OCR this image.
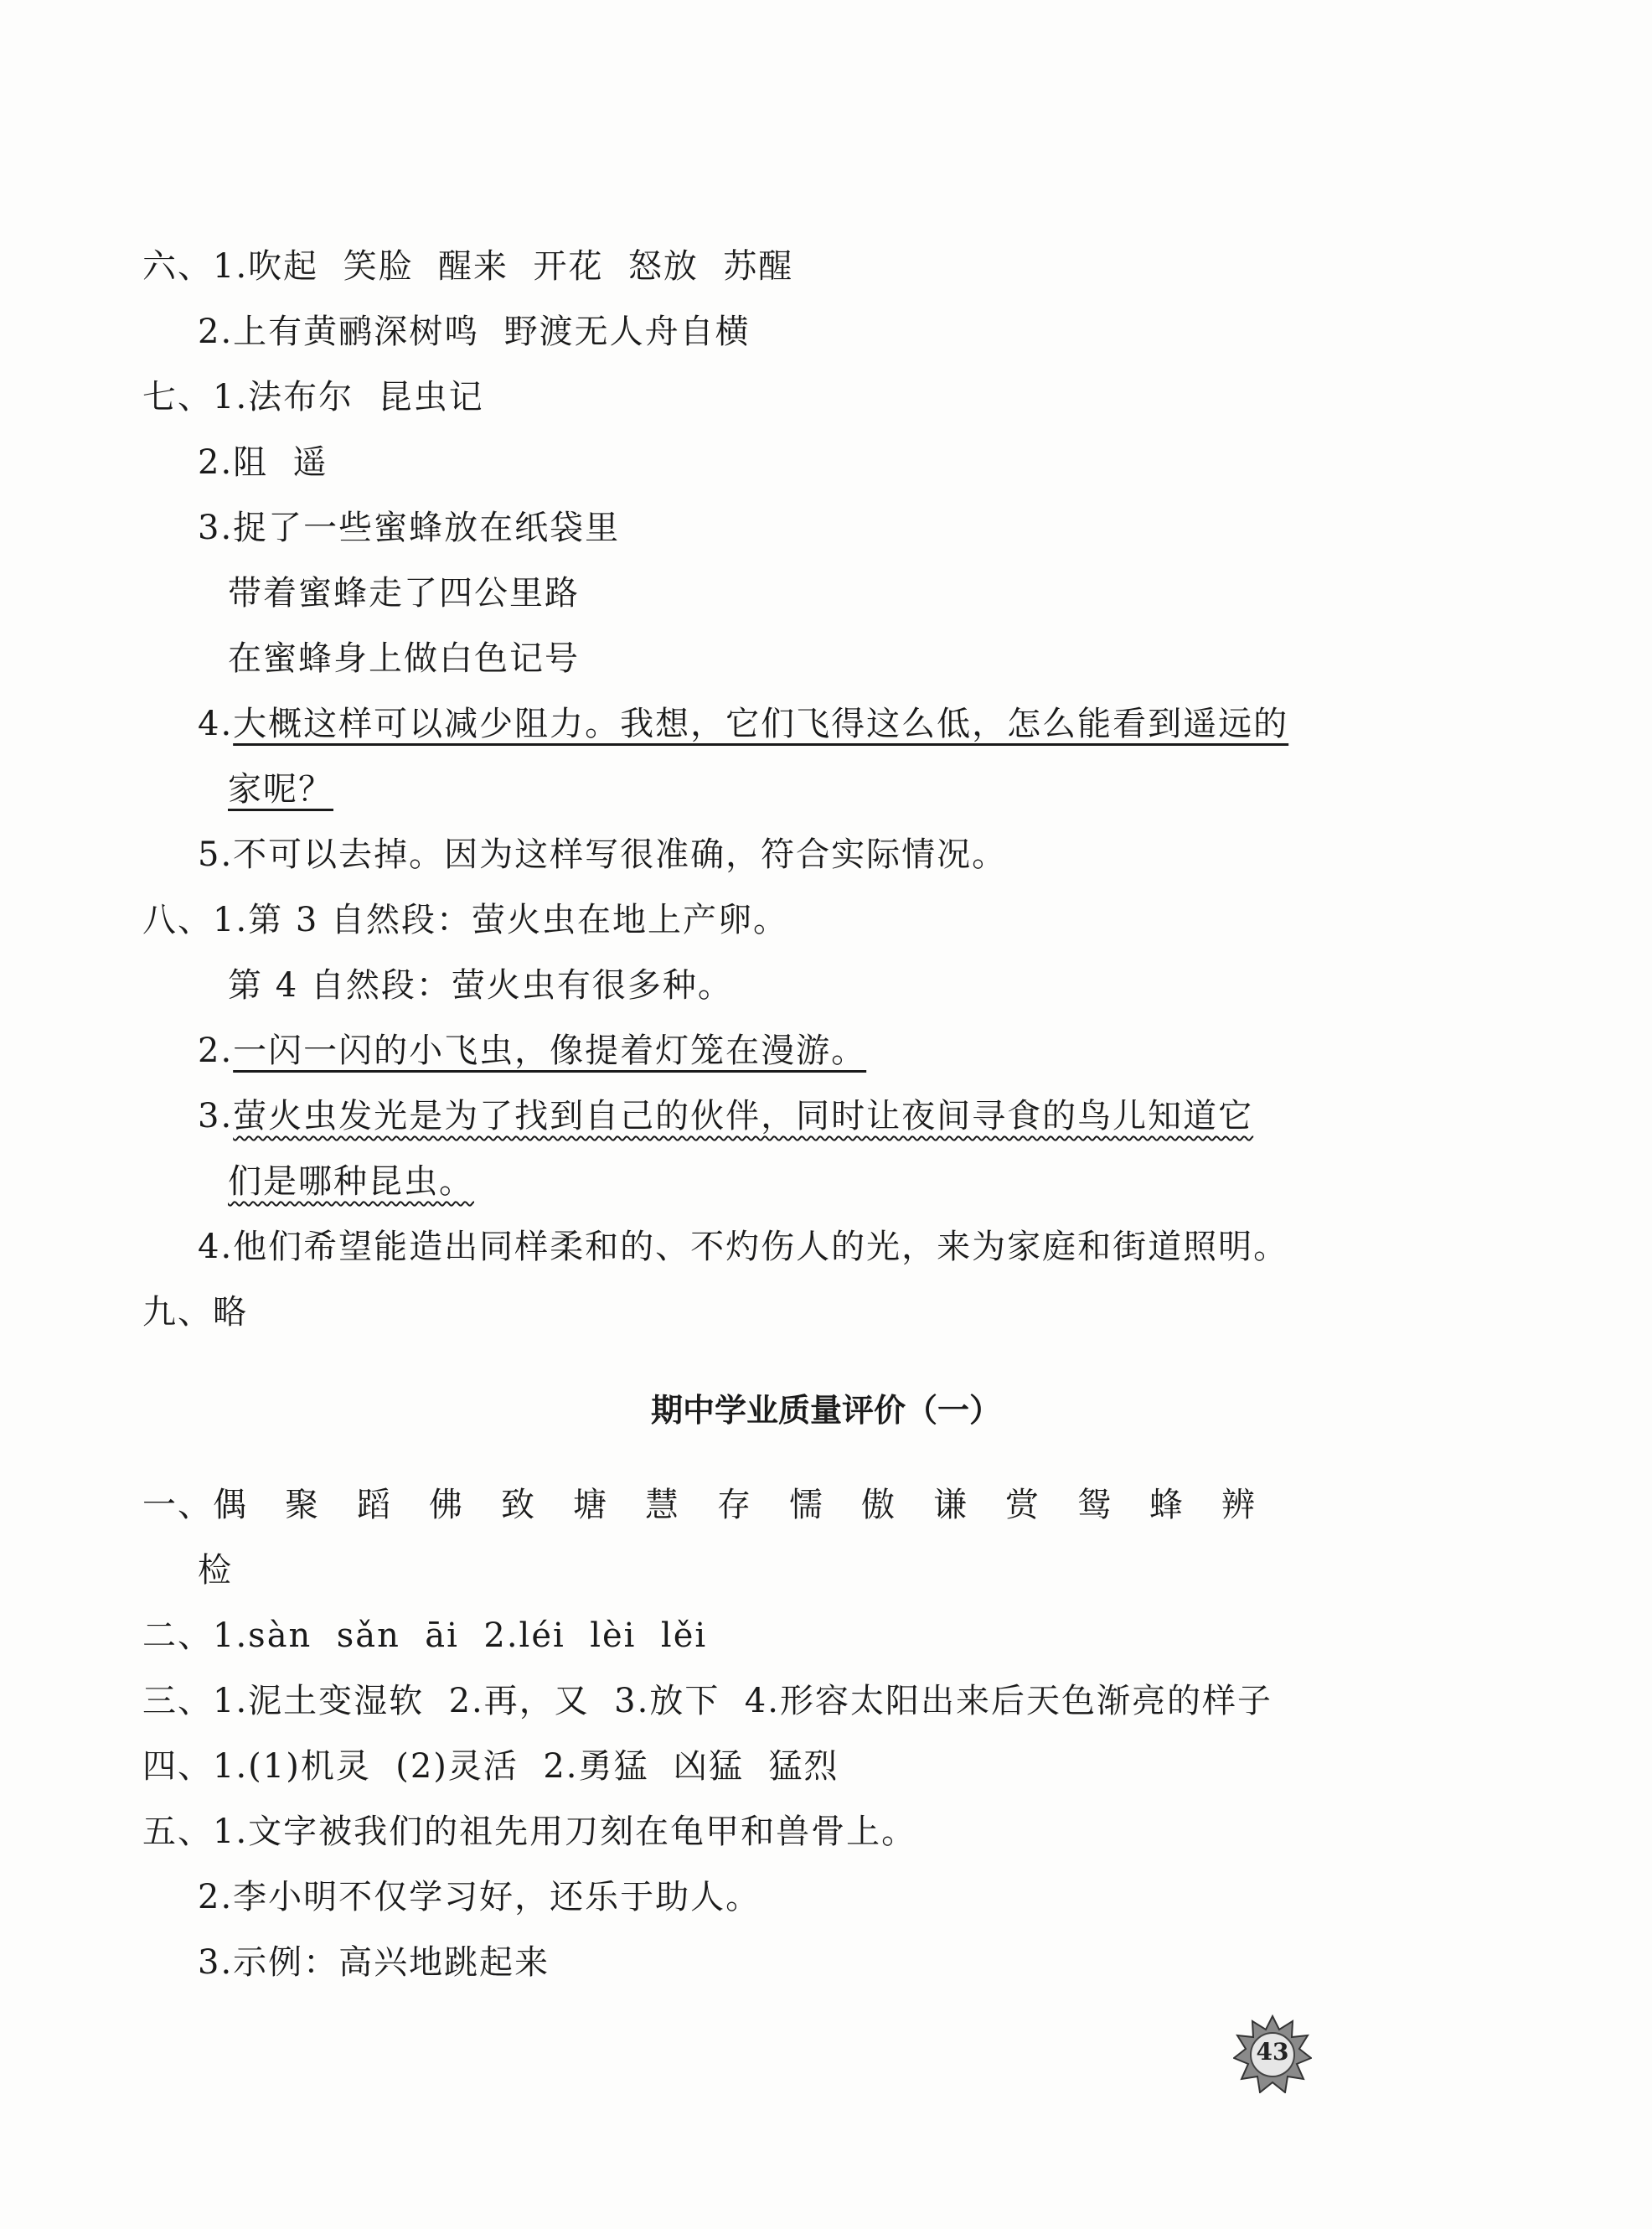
六、1.吹起  笑脸  醒来  开花  怒放  苏醒
2.上有黄鹂深树鸣  野渡无人舟自横
七、1.法布尔  昆虫记
2.阻  遥
3.捉了一些蜜蜂放在纸袋里
带着蜜蜂走了四公里路
在蜜蜂身上做白色记号
4.大概这样可以减少阻力。我想，它们飞得这么低，怎么能看到遥远的
家呢？
5.不可以去掉。因为这样写很准确，符合实际情况。
八、1.第 3 自然段：萤火虫在地上产卵。
第 4 自然段：萤火虫有很多种。
2.一闪一闪的小飞虫，像提着灯笼在漫游。
3.萤火虫发光是为了找到自己的伙伴，同时让夜间寻食的鸟儿知道它
们是哪种昆虫。
4.他们希望能造出同样柔和的、不灼伤人的光，来为家庭和街道照明。
九、略
期中学业质量评价（一）
一、偶聚蹈佛致塘慧存懦傲谦赏鸳蜂辨
检
二、1.sàn  sǎn  āi  2.léi  lèi  lěi
三、1.泥土变湿软  2.再，又  3.放下  4.形容太阳出来后天色渐亮的样子
四、1.(1)机灵  (2)灵活  2.勇猛  凶猛  猛烈
五、1.文字被我们的祖先用刀刻在龟甲和兽骨上。
2.李小明不仅学习好，还乐于助人。
3.示例：高兴地跳起来
43
